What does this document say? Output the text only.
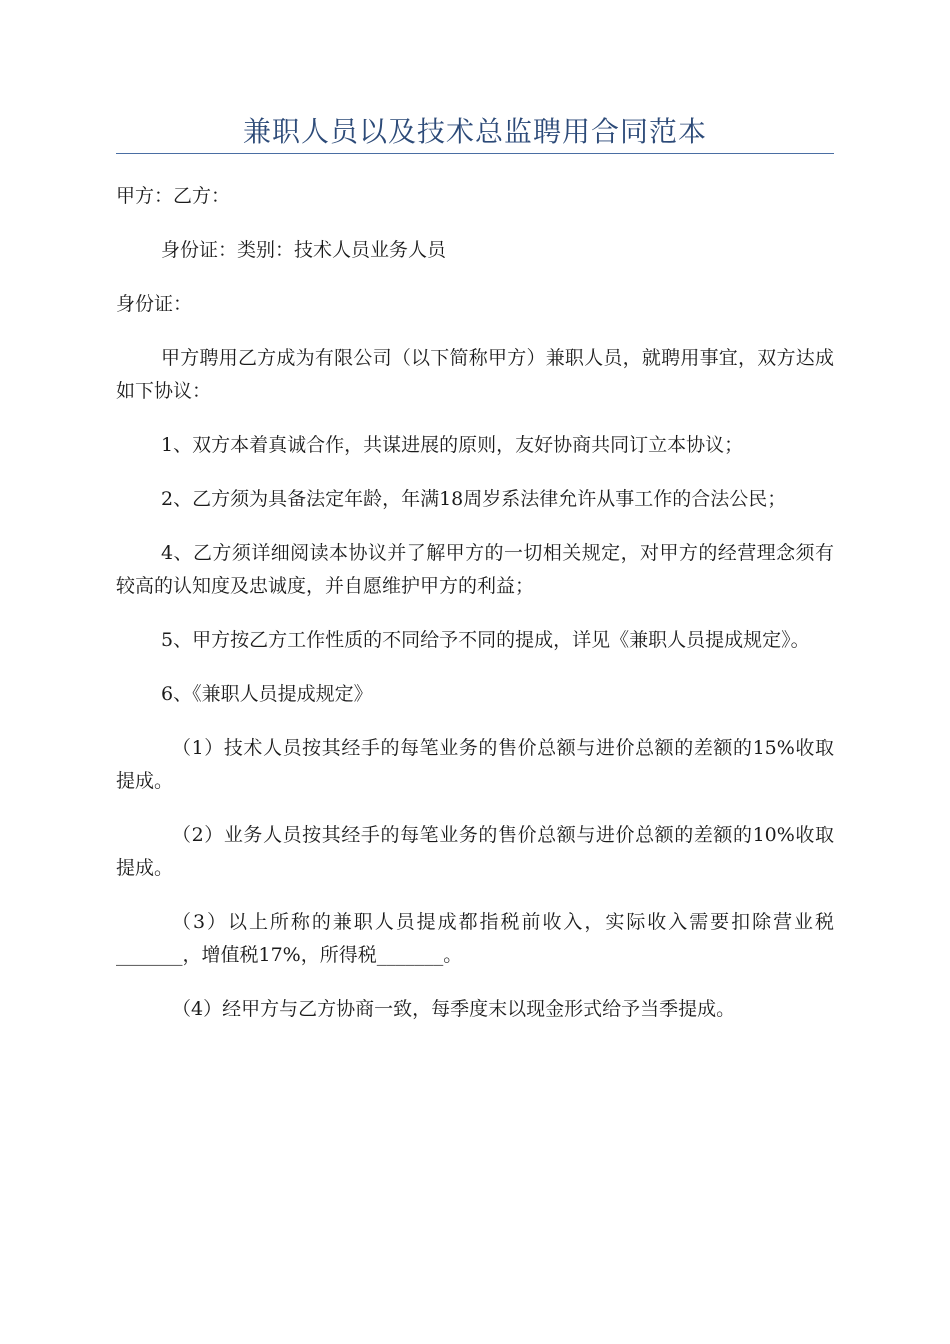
兼职人员以及技术总监聘用合同范本

甲方：乙方：

身份证：类别：技术人员业务人员

身份证：

甲方聘用乙方成为有限公司（以下简称甲方）兼职人员，就聘用事宜，双方达成如下协议：

1、双方本着真诚合作，共谋进展的原则，友好协商共同订立本协议；

2、乙方须为具备法定年龄，年满18周岁系法律允许从事工作的合法公民；

4、乙方须详细阅读本协议并了解甲方的一切相关规定，对甲方的经营理念须有较高的认知度及忠诚度，并自愿维护甲方的利益；

5、甲方按乙方工作性质的不同给予不同的提成，详见《兼职人员提成规定》。

6、《兼职人员提成规定》

（1）技术人员按其经手的每笔业务的售价总额与进价总额的差额的15%收取提成。

（2）业务人员按其经手的每笔业务的售价总额与进价总额的差额的10%收取提成。

（3）以上所称的兼职人员提成都指税前收入，实际收入需要扣除营业税_______，增值税17%，所得税_______。

（4）经甲方与乙方协商一致，每季度末以现金形式给予当季提成。
